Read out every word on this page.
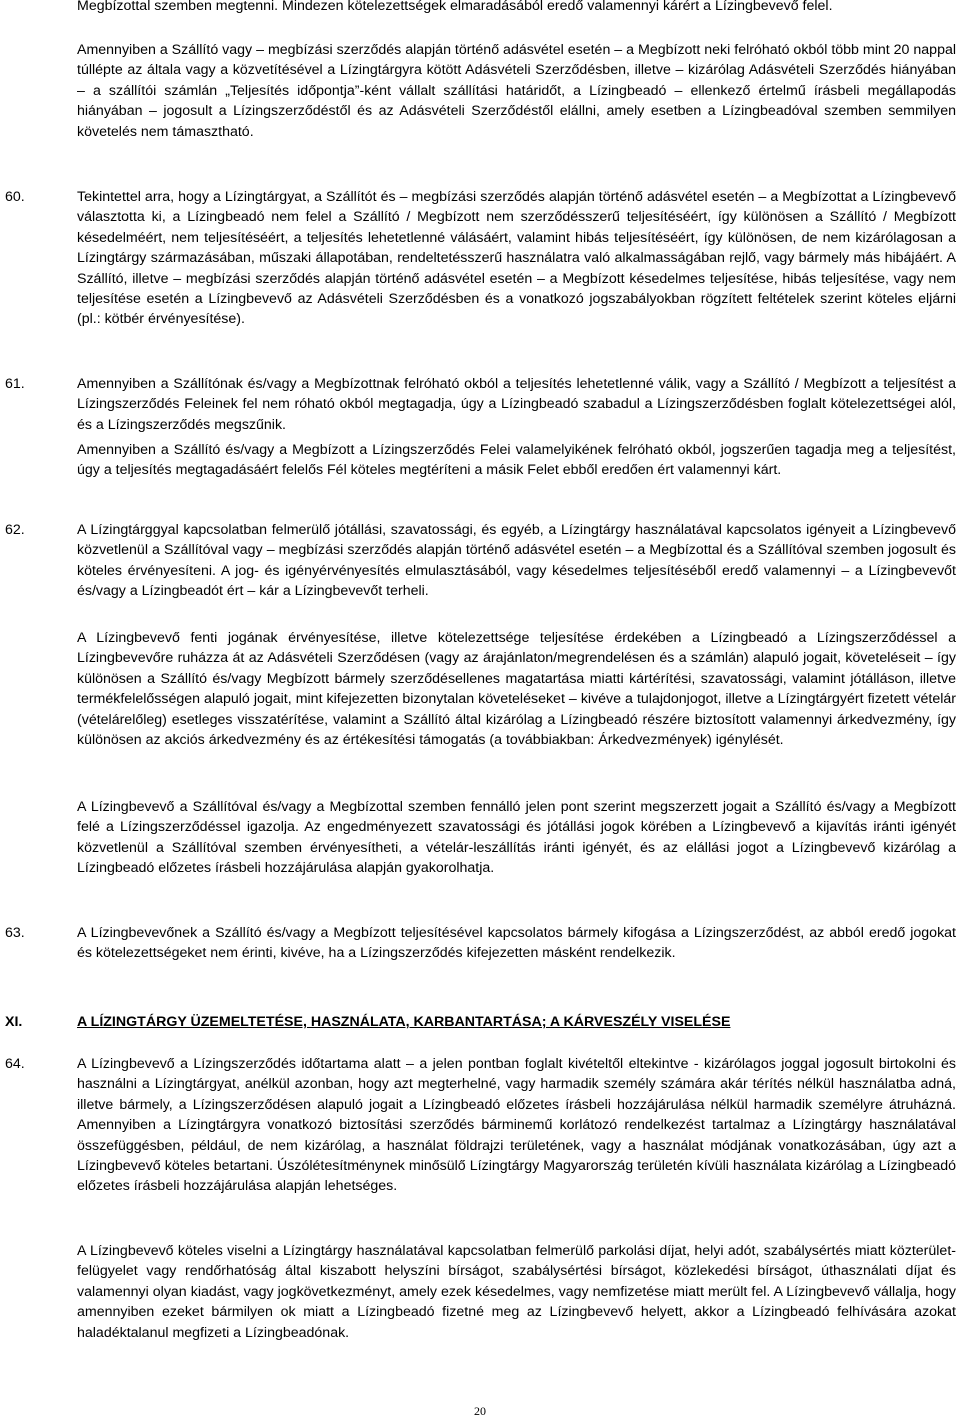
Megbízottal szemben megtenni. Mindezen kötelezettségek elmaradásából eredő valamennyi kárért a Lízingbevevő felel.

Amennyiben a Szállító vagy – megbízási szerződés alapján történő adásvétel esetén – a Megbízott neki felróható okból több mint 20 nappal túllépte az általa vagy a közvetítésével a Lízingtárgyra kötött Adásvételi Szerződésben, illetve – kizárólag Adásvételi Szerződés hiányában – a szállítói számlán „Teljesítés időpontja”-ként vállalt szállítási határidőt, a Lízingbeadó – ellenkező értelmű írásbeli megállapodás hiányában – jogosult a Lízingszerződéstől és az Adásvételi Szerződéstől elállni, amely esetben a Lízingbeadóval szemben semmilyen követelés nem támasztható.

60.	Tekintettel arra, hogy a Lízingtárgyat, a Szállítót és – megbízási szerződés alapján történő adásvétel esetén – a Megbízottat a Lízingbevevő választotta ki, a Lízingbeadó nem felel a Szállító / Megbízott nem szerződésszerű teljesítéséért, így különösen a Szállító / Megbízott késedelméért, nem teljesítéséért, a teljesítés lehetetlenné válásáért, valamint hibás teljesítéséért, így különösen, de nem kizárólagosan a Lízingtárgy származásában, műszaki állapotában, rendeltetésszerű használatra való alkalmasságában rejlő, vagy bármely más hibájáért. A Szállító, illetve – megbízási szerződés alapján történő adásvétel esetén – a Megbízott késedelmes teljesítése, hibás teljesítése, vagy nem teljesítése esetén a Lízingbevevő az Adásvételi Szerződésben és a vonatkozó jogszabályokban rögzített feltételek szerint köteles eljárni (pl.: kötbér érvényesítése).

61.	Amennyiben a Szállítónak és/vagy a Megbízottnak felróható okból a teljesítés lehetetlenné válik, vagy a Szállító / Megbízott a teljesítést a Lízingszerződés Feleinek fel nem róható okból megtagadja, úgy a Lízingbeadó szabadul a Lízingszerződésben foglalt kötelezettségei alól, és a Lízingszerződés megszűnik.

Amennyiben a Szállító és/vagy a Megbízott a Lízingszerződés Felei valamelyikének felróható okból, jogszerűen tagadja meg a teljesítést, úgy a teljesítés megtagadásáért felelős Fél köteles megtéríteni a másik Felet ebből eredően ért valamennyi kárt.

62.	A Lízingtárggyal kapcsolatban felmerülő jótállási, szavatossági, és egyéb, a Lízingtárgy használatával kapcsolatos igényeit a Lízingbevevő közvetlenül a Szállítóval vagy – megbízási szerződés alapján történő adásvétel esetén – a Megbízottal és a Szállítóval szemben jogosult és köteles érvényesíteni. A jog- és igényérvényesítés elmulasztásából, vagy késedelmes teljesítéséből eredő valamennyi – a Lízingbevevőt és/vagy a Lízingbeadót ért – kár a Lízingbevevőt terheli.

A Lízingbevevő fenti jogának érvényesítése, illetve kötelezettsége teljesítése érdekében a Lízingbeadó a Lízingszerződéssel a Lízingbevevőre ruházza át az Adásvételi Szerződésen (vagy az árajánlaton/megrendelésen és a számlán) alapuló jogait, követeléseit – így különösen a Szállító és/vagy Megbízott bármely szerződésellenes magatartása miatti kártérítési, szavatossági, valamint jótálláson, illetve termékfelelősségen alapuló jogait, mint kifejezetten bizonytalan követeléseket – kivéve a tulajdonjogot, illetve a Lízingtárgyért fizetett vételár (vételárelőleg) esetleges visszatérítése, valamint a Szállító által kizárólag a Lízingbeadó részére biztosított valamennyi árkedvezmény, így különösen az akciós árkedvezmény és az értékesítési támogatás (a továbbiakban: Árkedvezmények) igénylését.

A Lízingbevevő a Szállítóval és/vagy a Megbízottal szemben fennálló jelen pont szerint megszerzett jogait a Szállító és/vagy a Megbízott felé a Lízingszerződéssel igazolja. Az engedményezett szavatossági és jótállási jogok körében a Lízingbevevő a kijavítás iránti igényét közvetlenül a Szállítóval szemben érvényesítheti, a vételár-leszállítás iránti igényét, és az elállási jogot a Lízingbevevő kizárólag a Lízingbeadó előzetes írásbeli hozzájárulása alapján gyakorolhatja.

63.	A Lízingbevevőnek a Szállító és/vagy a Megbízott teljesítésével kapcsolatos bármely kifogása a Lízingszerződést, az abból eredő jogokat és kötelezettségeket nem érinti, kivéve, ha a Lízingszerződés kifejezetten másként rendelkezik.

XI.	A LÍZINGTÁRGY ÜZEMELTETÉSE, HASZNÁLATA, KARBANTARTÁSA; A KÁRVESZÉLY VISELÉSE

64.	A Lízingbevevő a Lízingszerződés időtartama alatt – a jelen pontban foglalt kivételtől eltekintve - kizárólagos joggal jogosult birtokolni és használni a Lízingtárgyat, anélkül azonban, hogy azt megterhelné, vagy harmadik személy számára akár térítés nélkül használatba adná, illetve bármely, a Lízingszerződésen alapuló jogait a Lízingbeadó előzetes írásbeli hozzájárulása nélkül harmadik személyre átruházná. Amennyiben a Lízingtárgyra vonatkozó biztosítási szerződés bárminemű korlátozó rendelkezést tartalmaz a Lízingtárgy használatával összefüggésben, például, de nem kizárólag, a használat földrajzi területének, vagy a használat módjának vonatkozásában, úgy azt a Lízingbevevő köteles betartani. Úszólétesítménynek minősülő Lízingtárgy Magyarország területén kívüli használata kizárólag a Lízingbeadó előzetes írásbeli hozzájárulása alapján lehetséges.

A Lízingbevevő köteles viselni a Lízingtárgy használatával kapcsolatban felmerülő parkolási díjat, helyi adót, szabálysértés miatt közterület-felügyelet vagy rendőrhatóság által kiszabott helyszíni bírságot, szabálysértési bírságot, közlekedési bírságot, úthasználati díjat és valamennyi olyan kiadást, vagy jogkövetkezményt, amely ezek késedelmes, vagy nemfizetése miatt merült fel. A Lízingbevevő vállalja, hogy amennyiben ezeket bármilyen ok miatt a Lízingbeadó fizetné meg az Lízingbevevő helyett, akkor a Lízingbeadó felhívására azokat haladéktalanul megfizeti a Lízingbeadónak.

20
